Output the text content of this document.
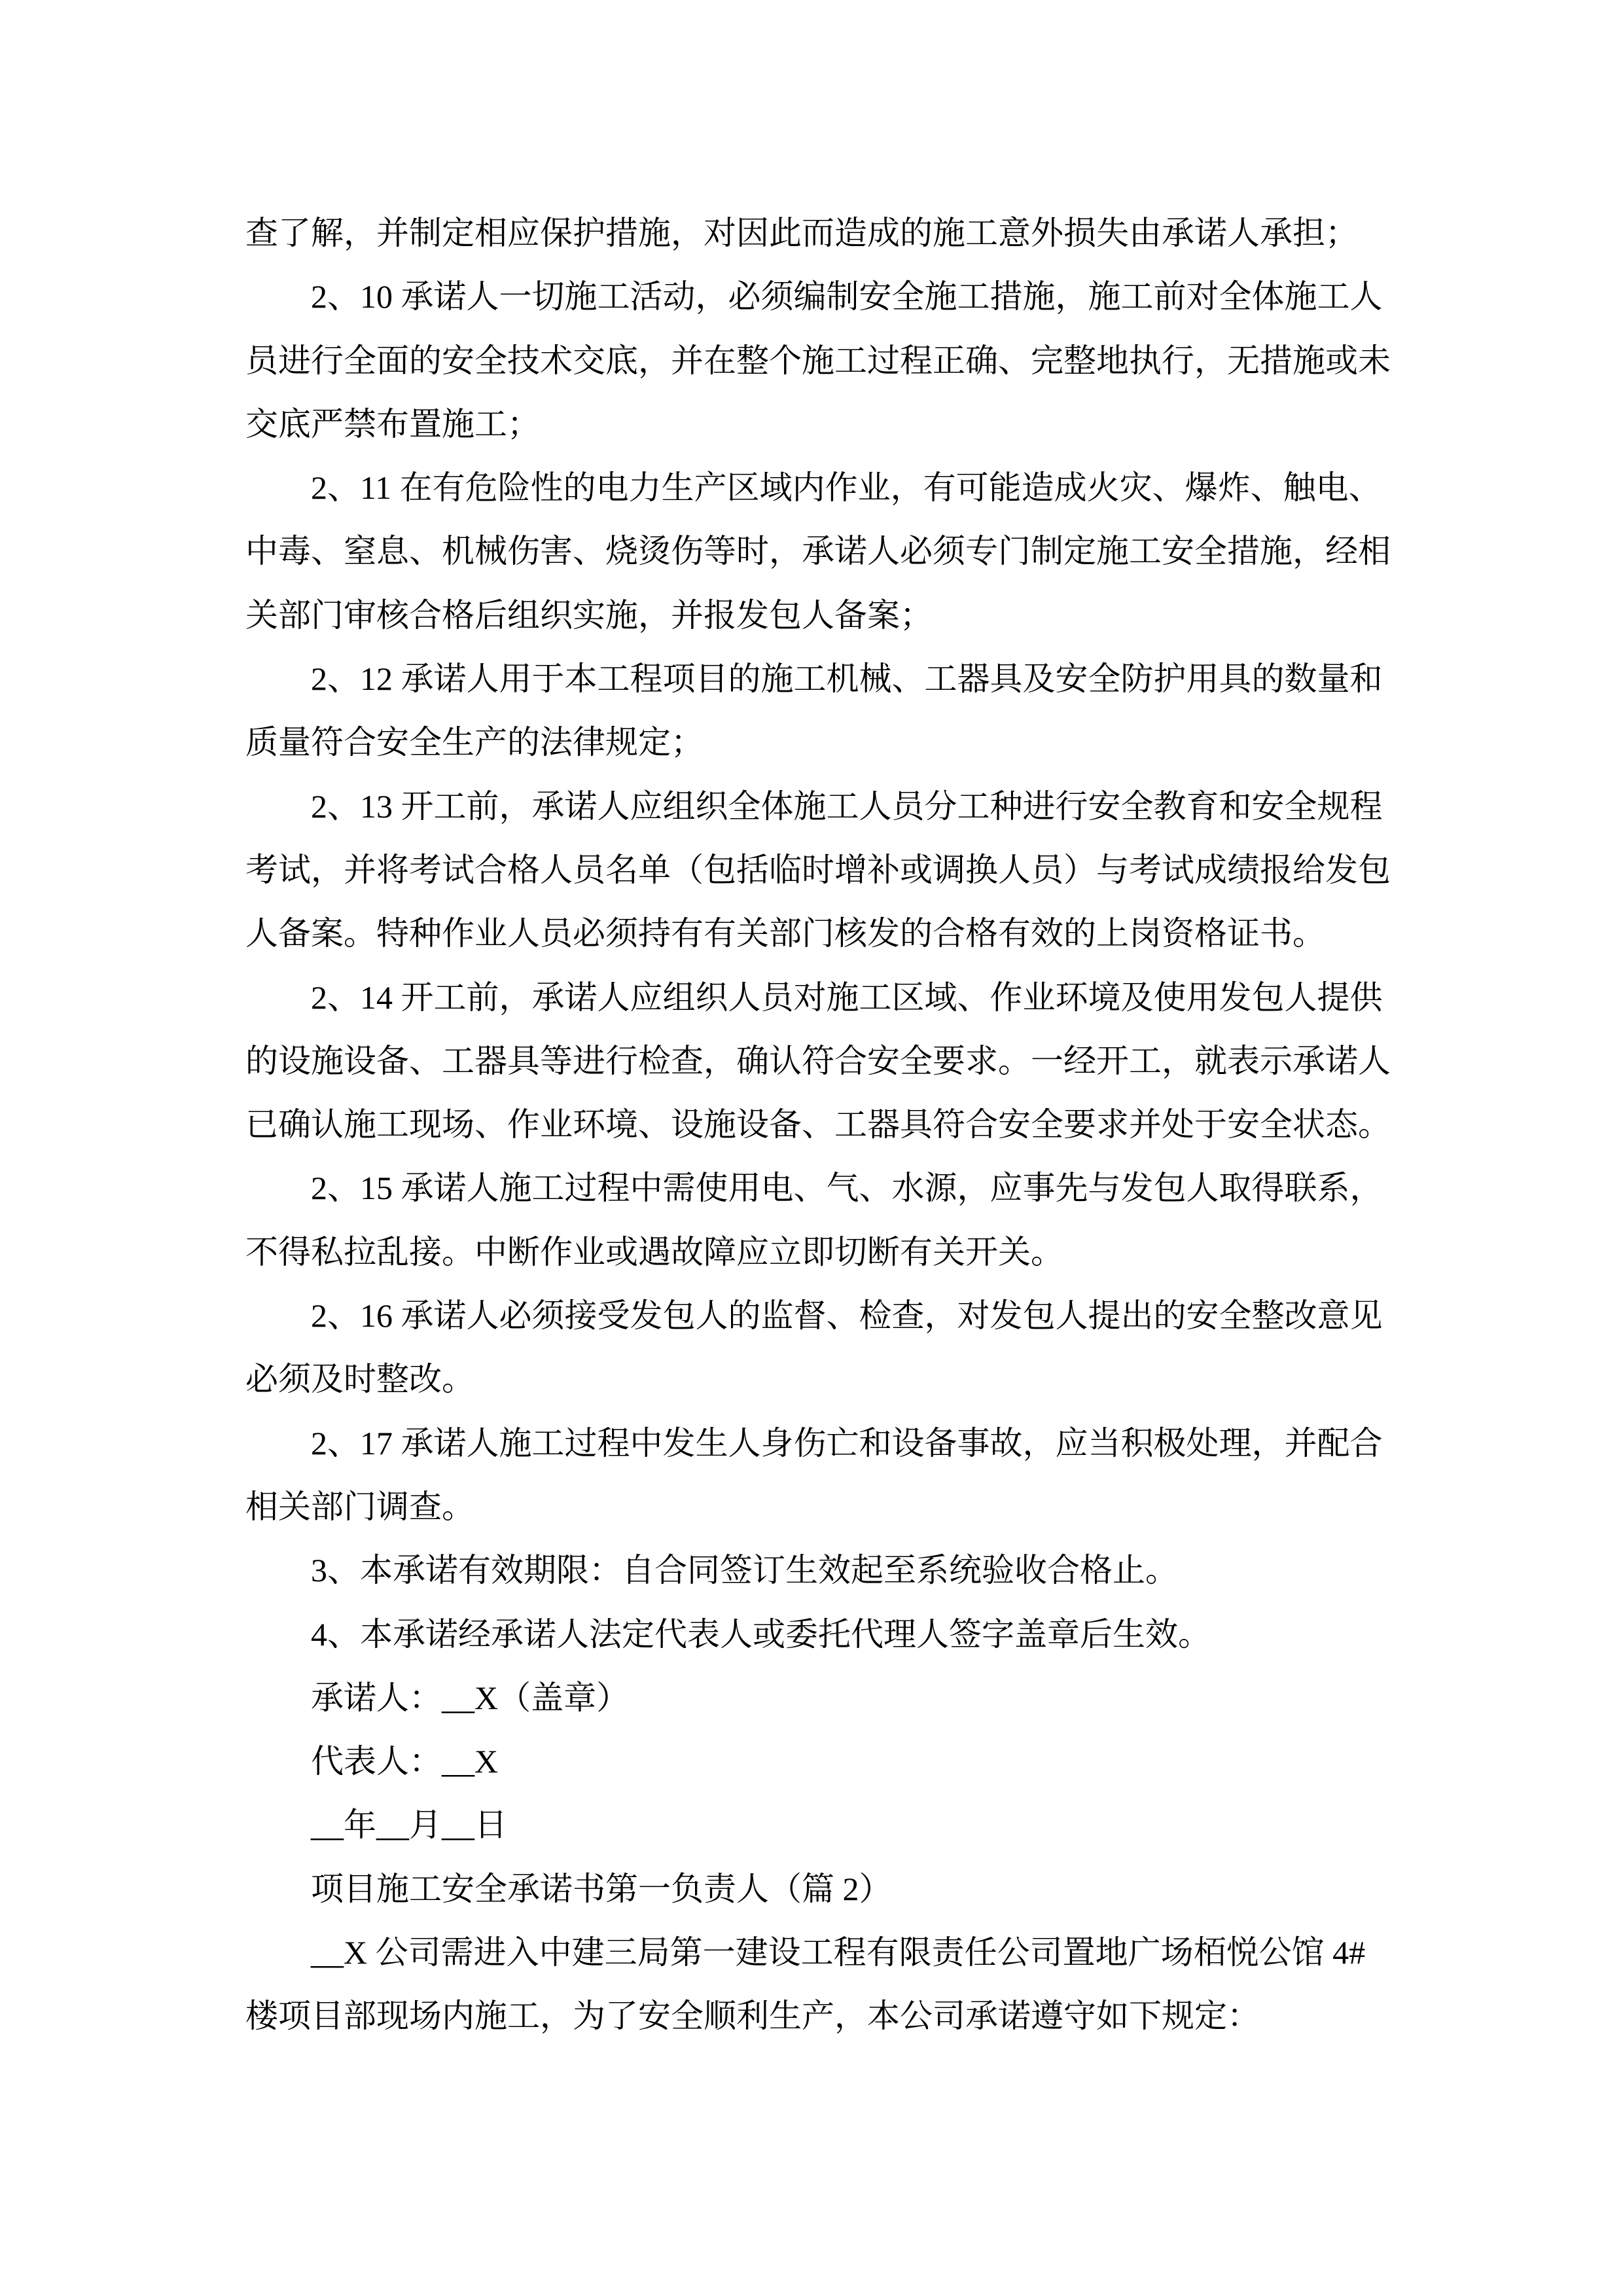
查了解，并制定相应保护措施，对因此而造成的施工意外损失由承诺人承担；
2、10 承诺人一切施工活动，必须编制安全施工措施，施工前对全体施工人
员进行全面的安全技术交底，并在整个施工过程正确、完整地执行，无措施或未
交底严禁布置施工；
2、11 在有危险性的电力生产区域内作业，有可能造成火灾、爆炸、触电、
中毒、窒息、机械伤害、烧烫伤等时，承诺人必须专门制定施工安全措施，经相
关部门审核合格后组织实施，并报发包人备案；
2、12 承诺人用于本工程项目的施工机械、工器具及安全防护用具的数量和
质量符合安全生产的法律规定；
2、13 开工前，承诺人应组织全体施工人员分工种进行安全教育和安全规程
考试，并将考试合格人员名单（包括临时增补或调换人员）与考试成绩报给发包
人备案。特种作业人员必须持有有关部门核发的合格有效的上岗资格证书。
2、14 开工前，承诺人应组织人员对施工区域、作业环境及使用发包人提供
的设施设备、工器具等进行检查，确认符合安全要求。一经开工，就表示承诺人
已确认施工现场、作业环境、设施设备、工器具符合安全要求并处于安全状态。
2、15 承诺人施工过程中需使用电、气、水源，应事先与发包人取得联系，
不得私拉乱接。中断作业或遇故障应立即切断有关开关。
2、16 承诺人必须接受发包人的监督、检查，对发包人提出的安全整改意见
必须及时整改。
2、17 承诺人施工过程中发生人身伤亡和设备事故，应当积极处理，并配合
相关部门调查。
3、本承诺有效期限：自合同签订生效起至系统验收合格止。
4、本承诺经承诺人法定代表人或委托代理人签字盖章后生效。
承诺人：__X（盖章）
代表人：__X
__年__月__日
项目施工安全承诺书第一负责人（篇 2）
__X 公司需进入中建三局第一建设工程有限责任公司置地广场栢悦公馆 4#
楼项目部现场内施工，为了安全顺利生产，本公司承诺遵守如下规定：
